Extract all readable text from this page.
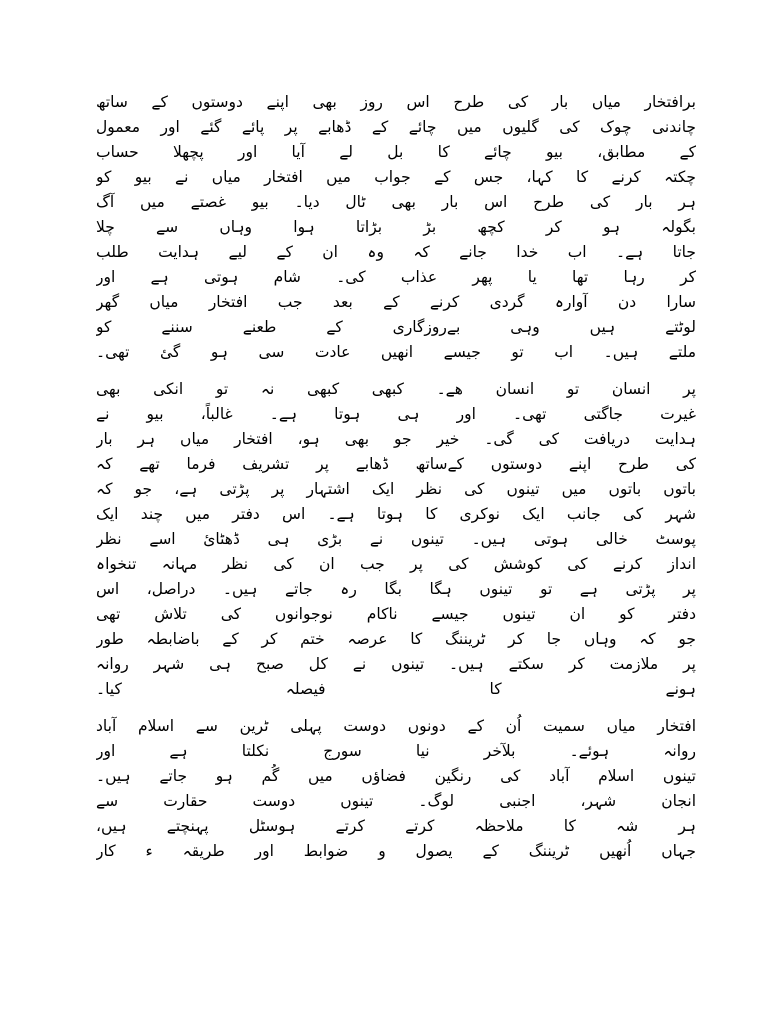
برافتخار میاں بار کی طرح اس روز بھی اپنے دوستوں کے ساتھ
چاندنی چوک کی گلیوں میں چائے کے ڈھابے پر پائے گئے اور معمول
کے مطابق، بیو چائے کا بل لے آیا اور پچھلا حساب
چکتہ کرنے کا کہا، جس کے جواب میں افتخار میاں نے بیو کو
ہر بار کی طرح اس بار بھی ٹال دیا۔ بیو غصتے میں آگ
بگولہ ہو کر کچھ بڑ بڑاتا ہوا وہاں سے چلا
جاتا ہے۔ اب خدا جانے کہ وہ ان کے لیے ہدایت طلب
کر رہا تھا یا پھر عذاب کی۔ شام ہوتی ہے اور
سارا دن آوارہ گردی کرنے کے بعد جب افتخار میاں گھر
لوٹتے ہیں وہی بےروزگاری کے طعنے سننے کو
ملتے ہیں۔ اب تو جیسے انھیں عادت سی ہو گئ تھی۔
پر انسان تو انسان ھے۔ کبھی کبھی نہ تو انکی بھی
غیرت جاگتی تھی۔ اور ہی ہوتا ہے۔ غالباً، بیو نے
ہدایت دریافت کی گی۔ خیر جو بھی ہو، افتخار میاں ہر بار
کی طرح اپنے دوستوں کےساتھ ڈھابے پر تشریف فرما تھے کہ
باتوں باتوں میں تینوں کی نظر ایک اشتہار پر پڑتی ہے، جو کہ
شہر کی جانب ایک نوکری کا ہوتا ہے۔ اس دفتر میں چند ایک
پوسٹ خالی ہوتی ہیں۔ تینوں نے بڑی ہی ڈھٹائ اسے نظر
انداز کرنے کی کوشش کی پر جب ان کی نظر مہانہ تنخواہ
پر پڑتی ہے تو تینوں ہگا بگا رہ جاتے ہیں۔ دراصل، اس
دفتر کو ان تینوں جیسے ناکام نوجوانوں کی تلاش تھی
جو کہ وہاں جا کر ٹریننگ کا عرصہ ختم کر کے باضابطہ طور
پر ملازمت کر سکتے ہیں۔ تینوں نے کل صبح ہی شہر روانہ
ہونے کا فیصلہ کیا۔
افتخار میاں سمیت اُن کے دونوں دوست پہلی ٹرین سے اسلام آباد
روانہ ہوئے۔ بلآخر نیا سورج نکلتا ہے اور
تینوں اسلام آباد کی رنگین فضاؤں میں گُم ہو جاتے ہیں۔
انجان شہر، اجنبی لوگ۔ تینوں دوست حقارت سے
ہر شہ کا ملاحظہ کرتے کرتے ہوسٹل پہنچتے ہیں،
جہاں اُنھیں ٹریننگ کے یصول و ضوابط اور طریقہ ء کار
